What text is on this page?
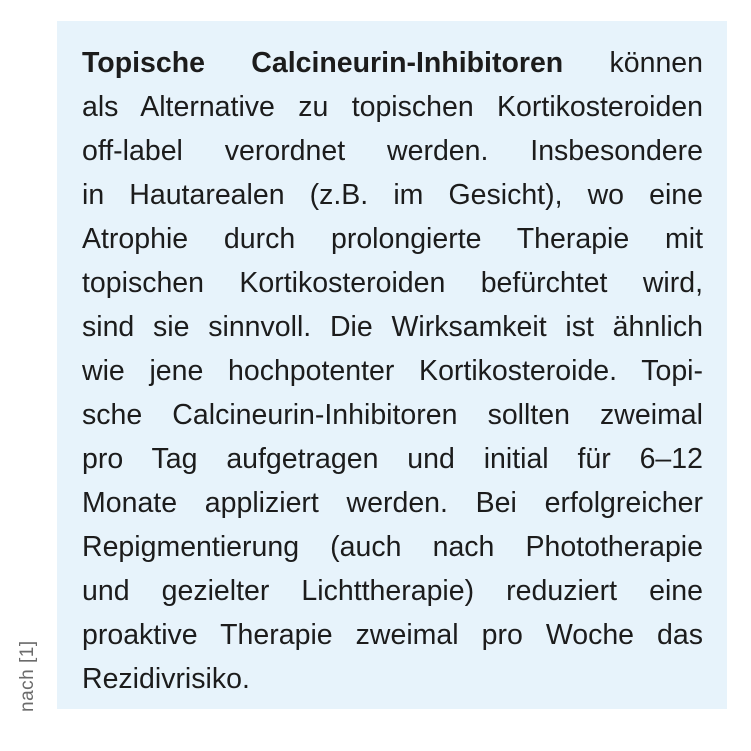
Topische Calcineurin-Inhibitoren können
als Alternative zu topischen Kortikosteroiden
off-label verordnet werden. Insbesondere
in Hautarealen (z.B. im Gesicht), wo eine
Atrophie durch prolongierte Therapie mit
topischen Kortikosteroiden befürchtet wird,
sind sie sinnvoll. Die Wirksamkeit ist ähnlich
wie jene hochpotenter Kortikosteroide. Topi-
sche Calcineurin-Inhibitoren sollten zweimal
pro Tag aufgetragen und initial für 6–12
Monate appliziert werden. Bei erfolgreicher
Repigmentierung (auch nach Phototherapie
und gezielter Lichttherapie) reduziert eine
proaktive Therapie zweimal pro Woche das
Rezidivrisiko.
nach [1]
